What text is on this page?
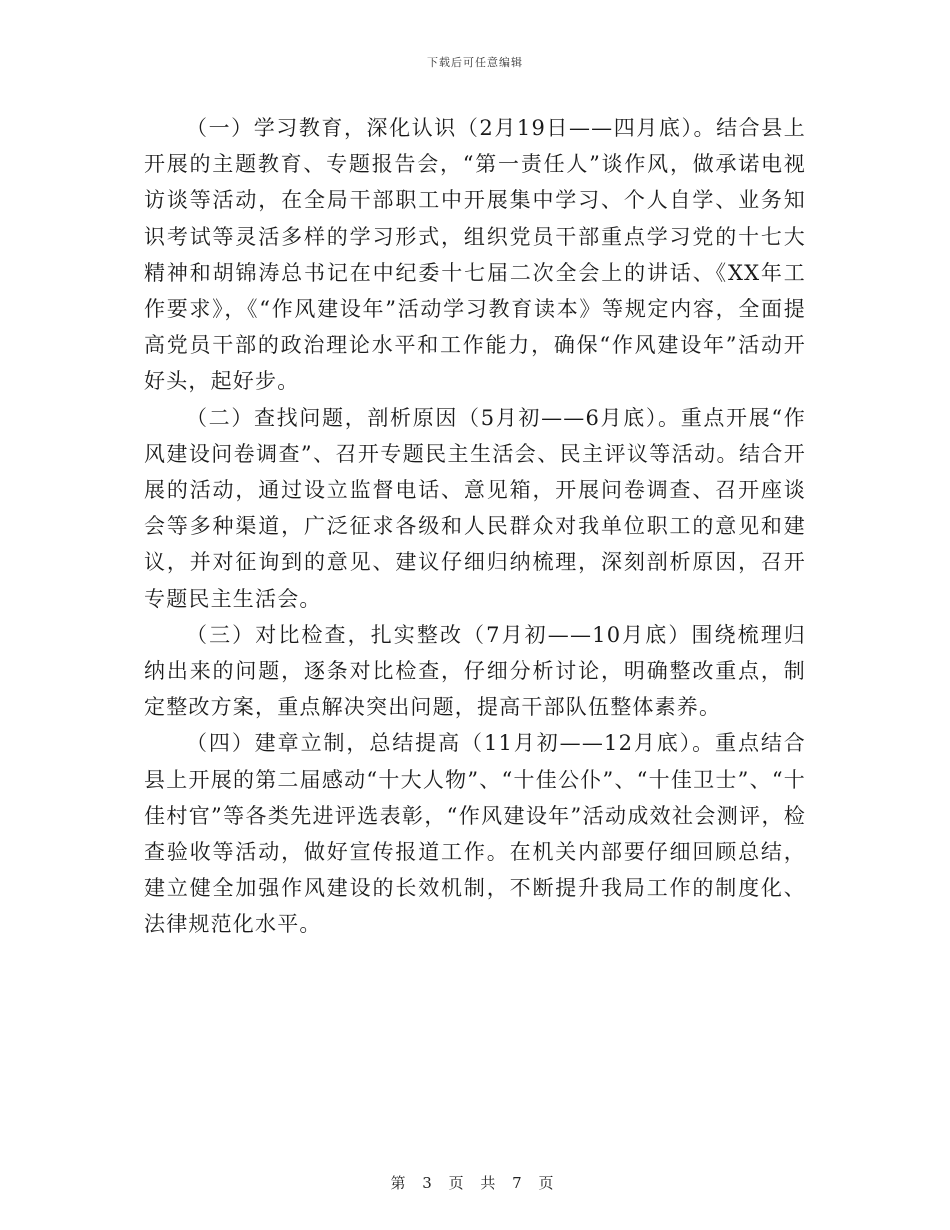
下载后可任意编辑

（一）学习教育，深化认识（2月19日——四月底）。结合县上开展的主题教育、专题报告会，“第一责任人”谈作风，做承诺电视访谈等活动，在全局干部职工中开展集中学习、个人自学、业务知识考试等灵活多样的学习形式，组织党员干部重点学习党的十七大精神和胡锦涛总书记在中纪委十七届二次全会上的讲话、《XX年工作要求》，《“作风建设年”活动学习教育读本》等规定内容，全面提高党员干部的政治理论水平和工作能力，确保“作风建设年”活动开好头，起好步。

（二）查找问题，剖析原因（5月初——6月底）。重点开展“作风建设问卷调查”、召开专题民主生活会、民主评议等活动。结合开展的活动，通过设立监督电话、意见箱，开展问卷调查、召开座谈会等多种渠道，广泛征求各级和人民群众对我单位职工的意见和建议，并对征询到的意见、建议仔细归纳梳理，深刻剖析原因，召开专题民主生活会。

（三）对比检查，扎实整改（7月初——10月底）围绕梳理归纳出来的问题，逐条对比检查，仔细分析讨论，明确整改重点，制定整改方案，重点解决突出问题，提高干部队伍整体素养。

（四）建章立制，总结提高（11月初——12月底）。重点结合县上开展的第二届感动“十大人物”、“十佳公仆”、“十佳卫士”、“十佳村官”等各类先进评选表彰，“作风建设年”活动成效社会测评，检查验收等活动，做好宣传报道工作。在机关内部要仔细回顾总结，建立健全加强作风建设的长效机制，不断提升我局工作的制度化、法律规范化水平。

第 3 页 共 7 页
